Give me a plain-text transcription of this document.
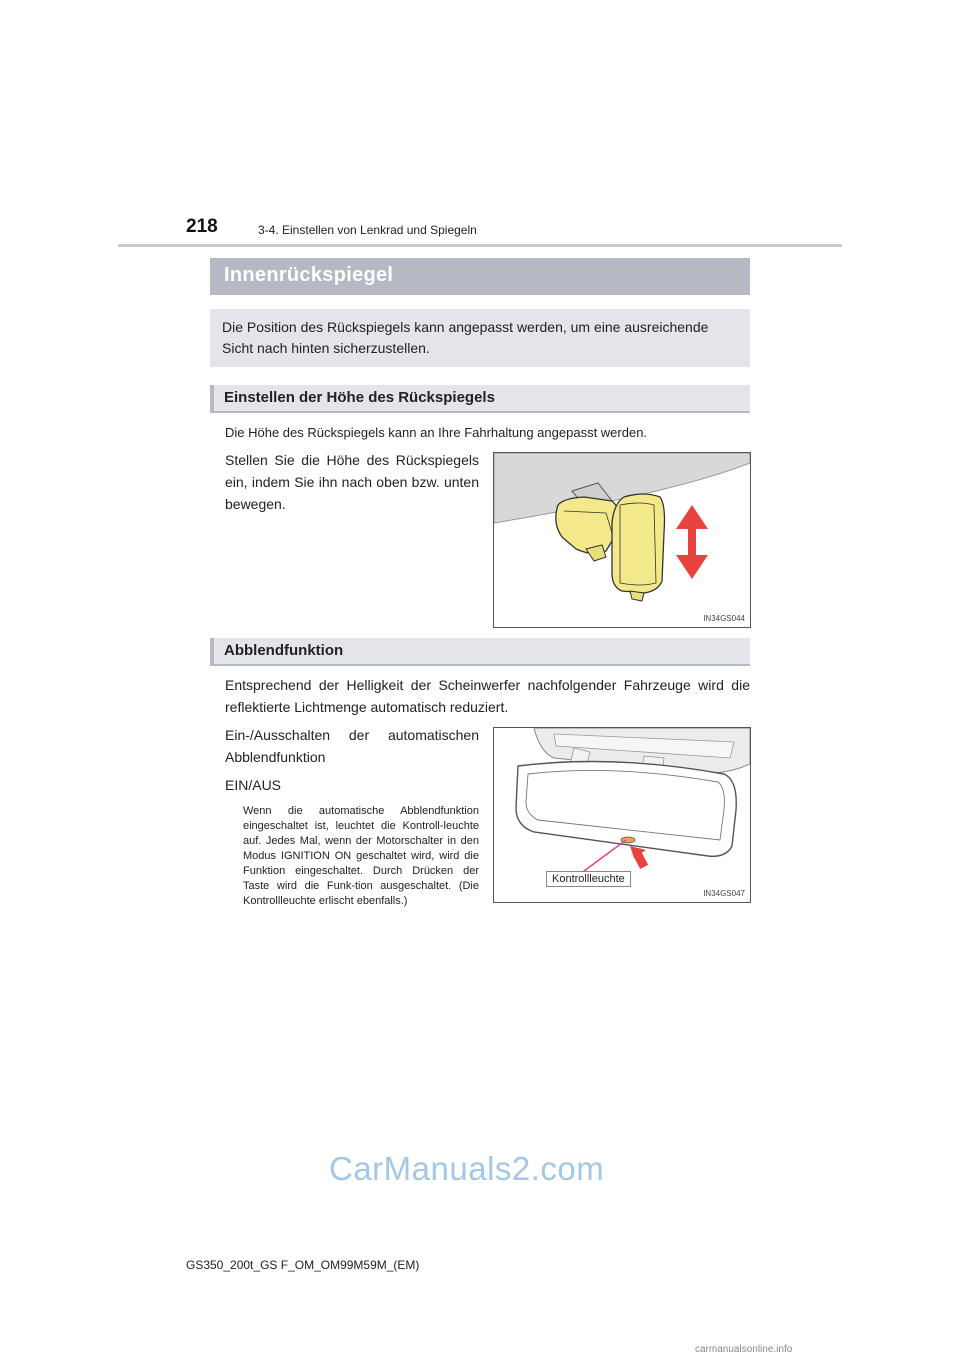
218	3-4. Einstellen von Lenkrad und Spiegeln
Innenrückspiegel
Die Position des Rückspiegels kann angepasst werden, um eine ausreichende Sicht nach hinten sicherzustellen.
Einstellen der Höhe des Rückspiegels
Die Höhe des Rückspiegels kann an Ihre Fahrhaltung angepasst werden.
Stellen Sie die Höhe des Rückspiegels ein, indem Sie ihn nach oben bzw. unten bewegen.
IN34GS044
Abblendfunktion
Entsprechend der Helligkeit der Scheinwerfer nachfolgender Fahrzeuge wird die reflektierte Lichtmenge automatisch reduziert.
Ein-/Ausschalten der automatischen Abblendfunktion
EIN/AUS
Wenn die automatische Abblendfunktion eingeschaltet ist, leuchtet die Kontroll-leuchte auf. Jedes Mal, wenn der Motorschalter in den Modus IGNITION ON geschaltet wird, wird die Funktion eingeschaltet. Durch Drücken der Taste wird die Funk-tion ausgeschaltet. (Die Kontrollleuchte erlischt ebenfalls.)
Kontrollleuchte
IN34GS047
CarManuals2.com
GS350_200t_GS F_OM_OM99M59M_(EM)
carmanualsonline.info
